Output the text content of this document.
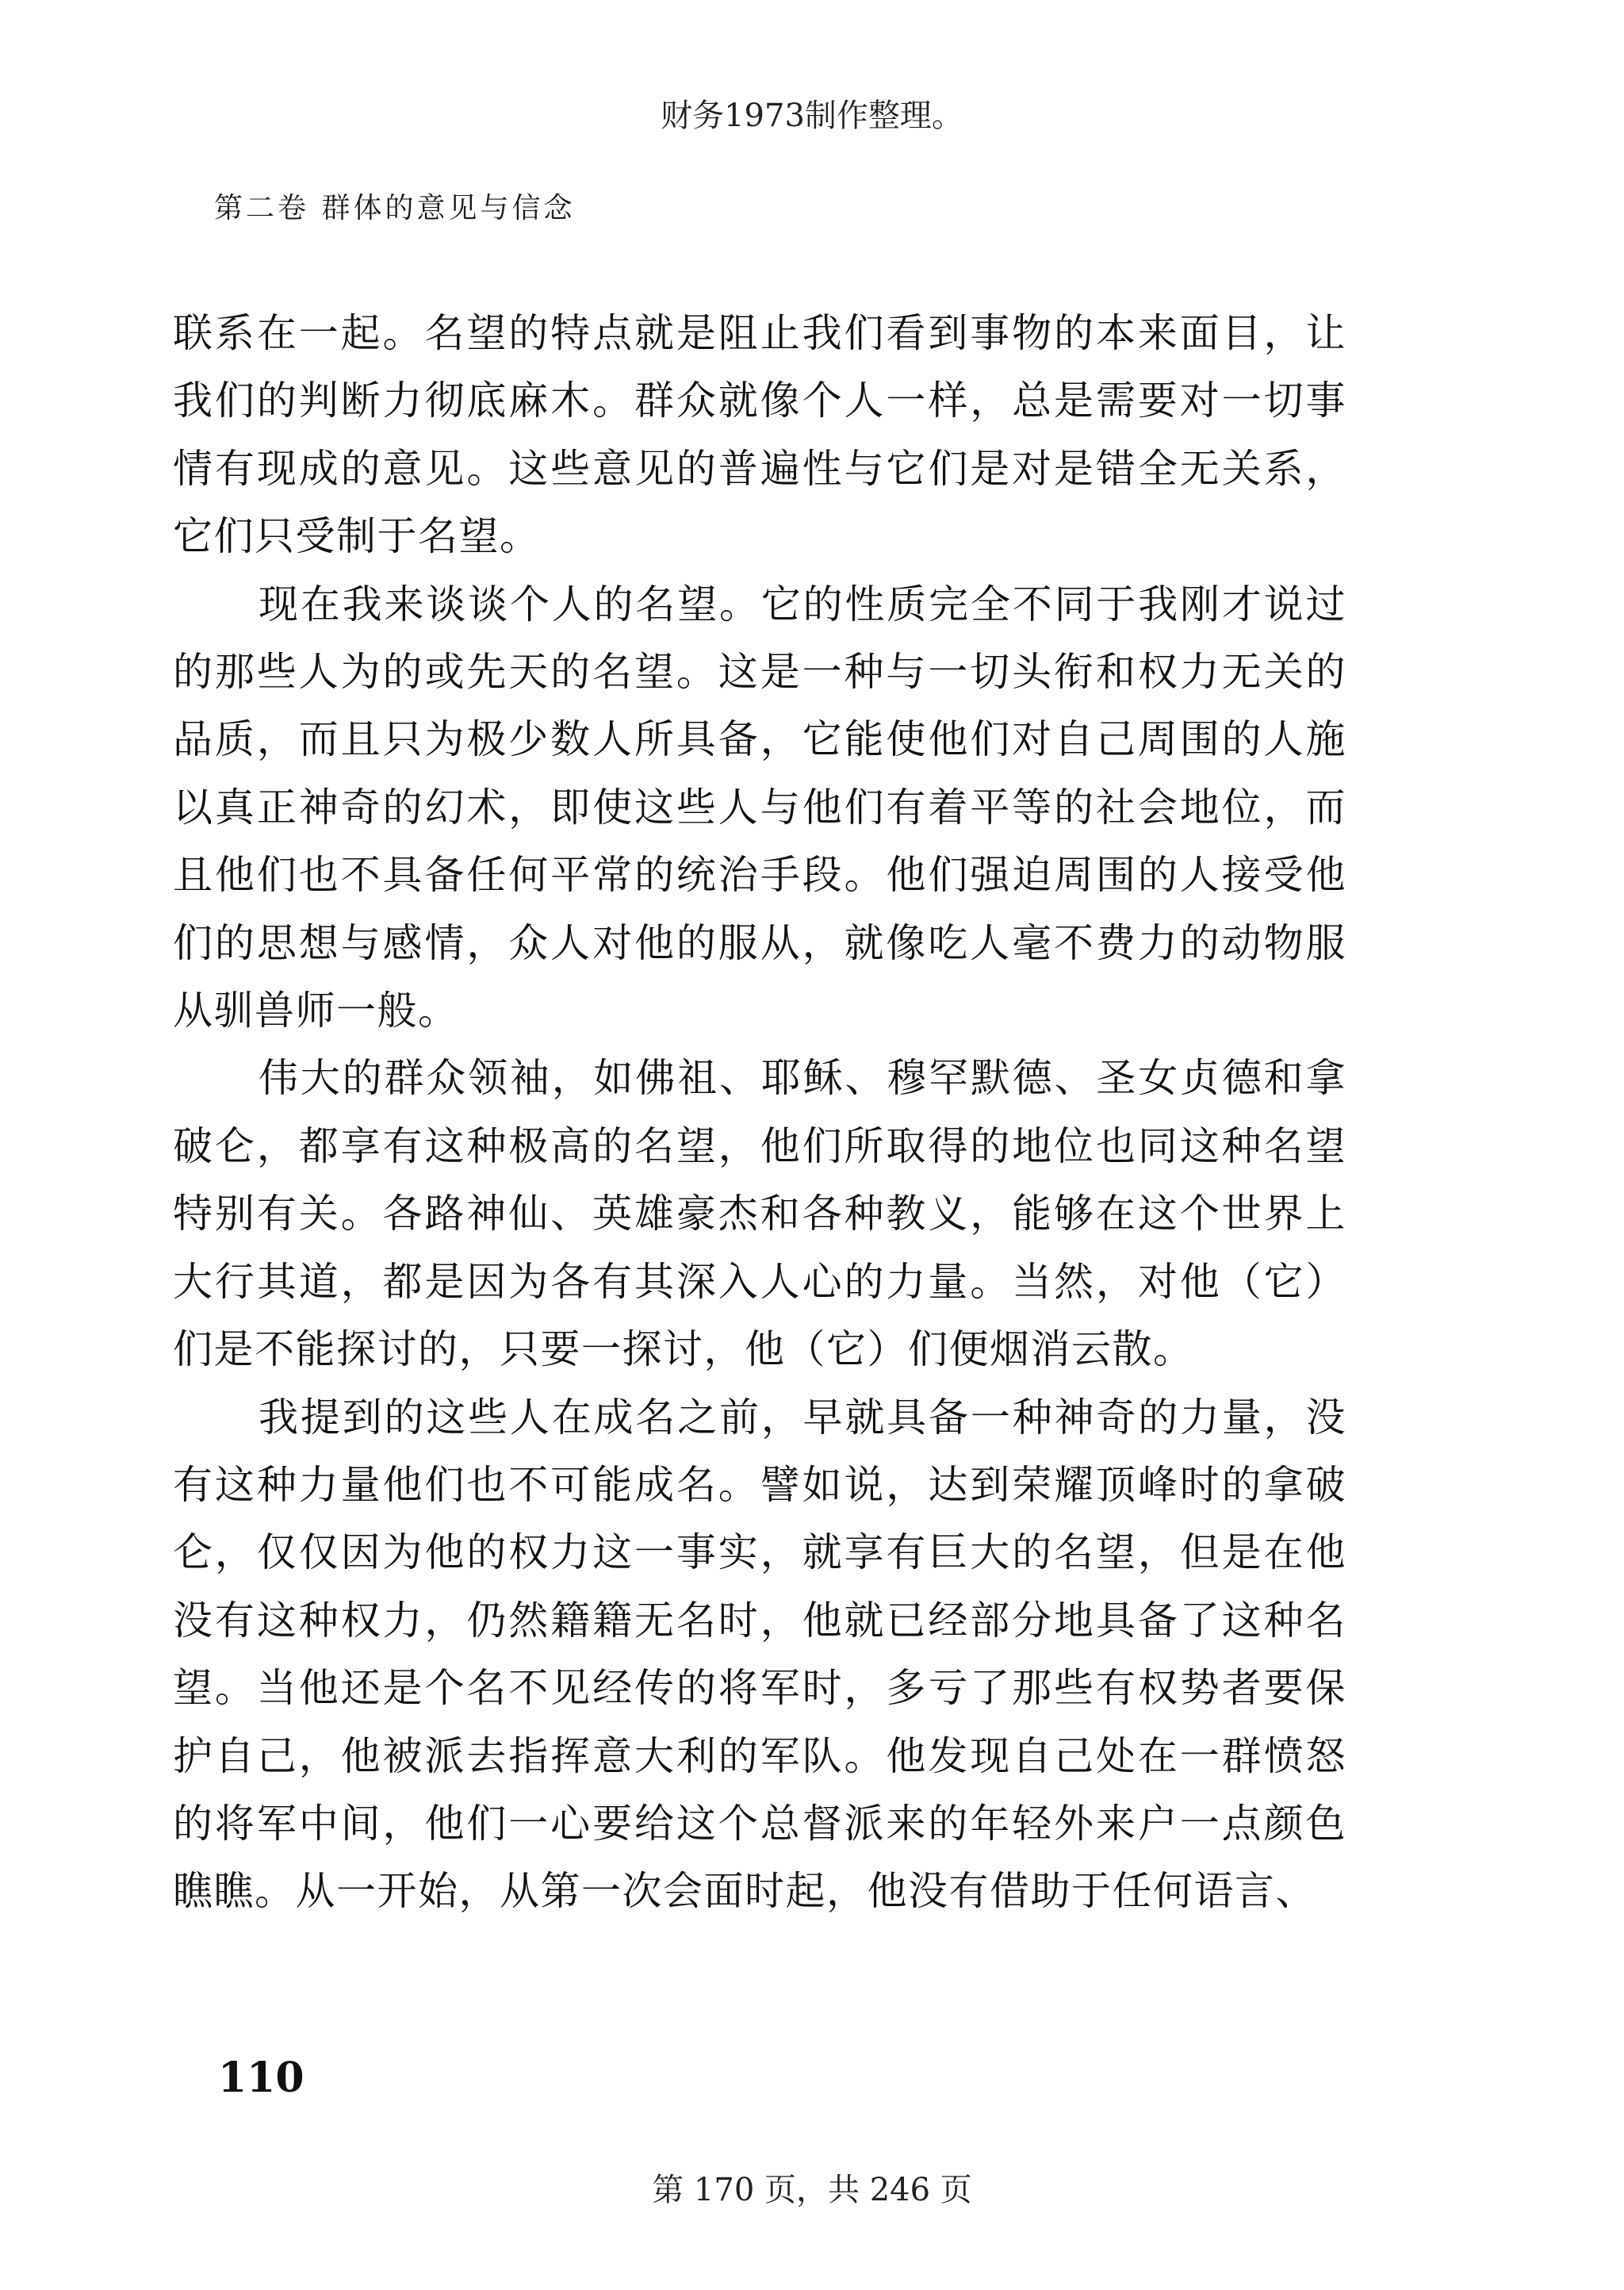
财务1973制作整理。
第二卷 群体的意见与信念

联系在一起。名望的特点就是阻止我们看到事物的本来面目，让我们的判断力彻底麻木。群众就像个人一样，总是需要对一切事情有现成的意见。这些意见的普遍性与它们是对是错全无关系，它们只受制于名望。

现在我来谈谈个人的名望。它的性质完全不同于我刚才说过的那些人为的或先天的名望。这是一种与一切头衔和权力无关的品质，而且只为极少数人所具备，它能使他们对自己周围的人施以真正神奇的幻术，即使这些人与他们有着平等的社会地位，而且他们也不具备任何平常的统治手段。他们强迫周围的人接受他们的思想与感情，众人对他的服从，就像吃人毫不费力的动物服从驯兽师一般。

伟大的群众领袖，如佛祖、耶稣、穆罕默德、圣女贞德和拿破仑，都享有这种极高的名望，他们所取得的地位也同这种名望特别有关。各路神仙、英雄豪杰和各种教义，能够在这个世界上大行其道，都是因为各有其深入人心的力量。当然，对他（它）们是不能探讨的，只要一探讨，他（它）们便烟消云散。

我提到的这些人在成名之前，早就具备一种神奇的力量，没有这种力量他们也不可能成名。譬如说，达到荣耀顶峰时的拿破仑，仅仅因为他的权力这一事实，就享有巨大的名望，但是在他没有这种权力，仍然籍籍无名时，他就已经部分地具备了这种名望。当他还是个名不见经传的将军时，多亏了那些有权势者要保护自己，他被派去指挥意大利的军队。他发现自己处在一群愤怒的将军中间，他们一心要给这个总督派来的年轻外来户一点颜色瞧瞧。从一开始，从第一次会面时起，他没有借助于任何语言、

110
第 170 页，共 246 页
